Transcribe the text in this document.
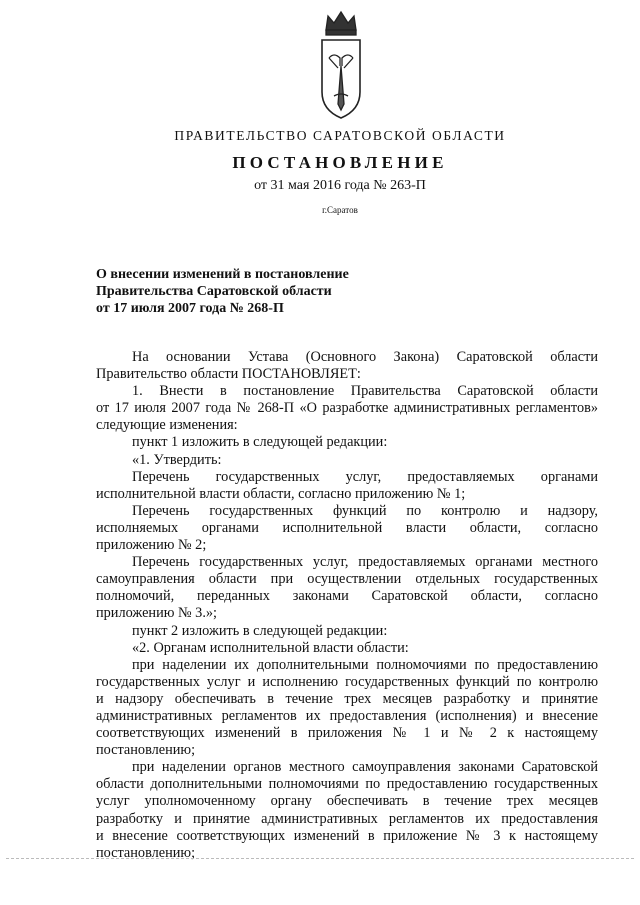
ПРАВИТЕЛЬСТВО САРАТОВСКОЙ ОБЛАСТИ
ПОСТАНОВЛЕНИЕ
от 31 мая 2016 года № 263-П
г.Саратов
О внесении изменений в постановление
Правительства Саратовской области
от 17 июля 2007 года № 268-П
На основании Устава (Основного Закона) Саратовской области
Правительство области ПОСТАНОВЛЯЕТ:
1. Внести в постановление Правительства Саратовской области
от 17 июля 2007 года № 268-П «О разработке административных регламентов»
следующие изменения:
пункт 1 изложить в следующей редакции:
«1. Утвердить:
Перечень государственных услуг, предоставляемых органами
исполнительной власти области, согласно приложению № 1;
Перечень государственных функций по контролю и надзору,
исполняемых органами исполнительной власти области, согласно
приложению № 2;
Перечень государственных услуг, предоставляемых органами местного
самоуправления области при осуществлении отдельных государственных
полномочий, переданных законами Саратовской области, согласно
приложению № 3.»;
пункт 2 изложить в следующей редакции:
«2. Органам исполнительной власти области:
при наделении их дополнительными полномочиями по предоставлению
государственных услуг и исполнению государственных функций по контролю
и надзору обеспечивать в течение трех месяцев разработку и принятие
административных регламентов их предоставления (исполнения) и внесение
соответствующих изменений в приложения № 1 и № 2 к настоящему
постановлению;
при наделении органов местного самоуправления законами Саратовской
области дополнительными полномочиями по предоставлению государственных
услуг уполномоченному органу обеспечивать в течение трех месяцев
разработку и принятие административных регламентов их предоставления
и внесение соответствующих изменений в приложение № 3 к настоящему
постановлению;
